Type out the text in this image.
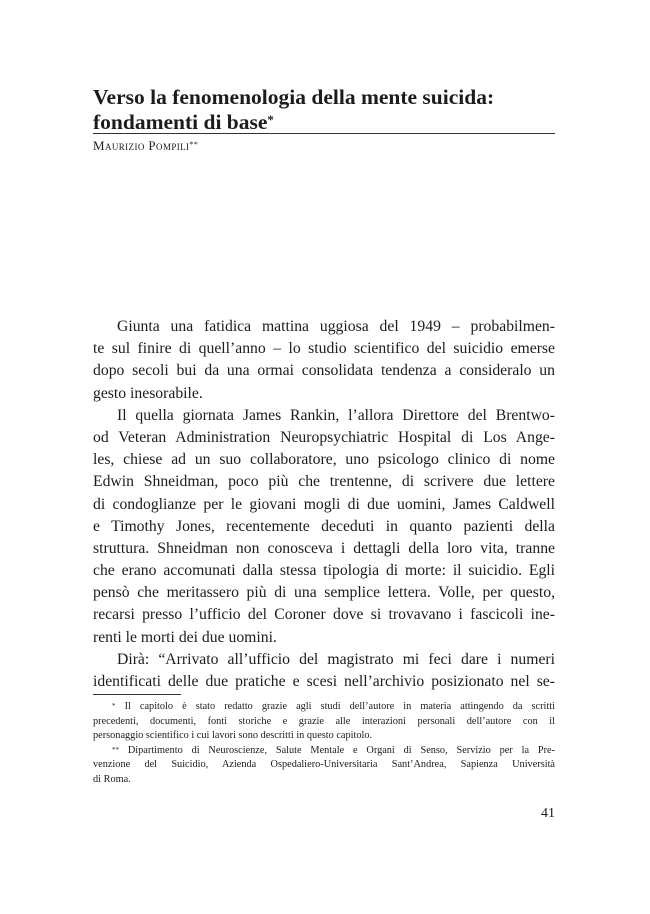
Verso la fenomenologia della mente suicida:
fondamenti di base*
Maurizio Pompili**
Giunta una fatidica mattina uggiosa del 1949 – probabilmen-
te sul finire di quell’anno – lo studio scientifico del suicidio emerse
dopo secoli bui da una ormai consolidata tendenza a consideralo un
gesto inesorabile.
Il quella giornata James Rankin, l’allora Direttore del Brentwo-
od Veteran Administration Neuropsychiatric Hospital di Los Ange-
les, chiese ad un suo collaboratore, uno psicologo clinico di nome
Edwin Shneidman, poco più che trentenne, di scrivere due lettere
di condoglianze per le giovani mogli di due uomini, James Caldwell
e Timothy Jones, recentemente deceduti in quanto pazienti della
struttura. Shneidman non conosceva i dettagli della loro vita, tranne
che erano accomunati dalla stessa tipologia di morte: il suicidio. Egli
pensò che meritassero più di una semplice lettera. Volle, per questo,
recarsi presso l’ufficio del Coroner dove si trovavano i fascicoli ine-
renti le morti dei due uomini.
Dirà: “Arrivato all’ufficio del magistrato mi feci dare i numeri
identificati delle due pratiche e scesi nell’archivio posizionato nel se-
* Il capitolo è stato redatto grazie agli studi dell’autore in materia attingendo da scritti
precedenti, documenti, fonti storiche e grazie alle interazioni personali dell’autore con il
personaggio scientifico i cui lavori sono descritti in questo capitolo.
** Dipartimento di Neuroscienze, Salute Mentale e Organi di Senso, Servizio per la Pre-
venzione del Suicidio, Azienda Ospedaliero-Universitaria Sant’Andrea, Sapienza Università
di Roma.
41
